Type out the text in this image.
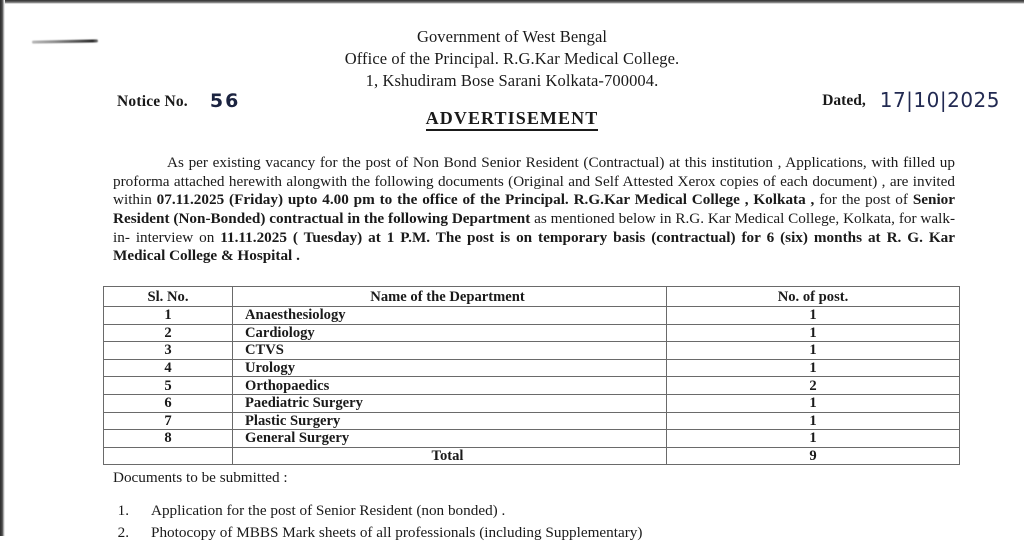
Government of West Bengal
Office of the Principal. R.G.Kar Medical College.
1, Kshudiram Bose Sarani Kolkata-700004.
Notice No. 56	Dated, 17|10|2025
ADVERTISEMENT

As per existing vacancy for the post of Non Bond Senior Resident (Contractual) at this institution , Applications, with filled up proforma attached herewith alongwith the following documents (Original and Self Attested Xerox copies of each document) , are invited within 07.11.2025 (Friday) upto 4.00 pm to the office of the Principal. R.G.Kar Medical College , Kolkata , for the post of Senior Resident (Non-Bonded) contractual in the following Department as mentioned below in R.G. Kar Medical College, Kolkata, for walk-in- interview on 11.11.2025 ( Tuesday) at 1 P.M. The post is on temporary basis (contractual) for 6 (six) months at R. G. Kar Medical College & Hospital .

Sl. No.	Name of the Department	No. of post.
1	Anaesthesiology	1
2	Cardiology	1
3	CTVS	1
4	Urology	1
5	Orthopaedics	2
6	Paediatric Surgery	1
7	Plastic Surgery	1
8	General Surgery	1
	Total	9
Documents to be submitted :
1.	Application for the post of Senior Resident (non bonded) .
2.	Photocopy of MBBS Mark sheets of all professionals (including Supplementary)
